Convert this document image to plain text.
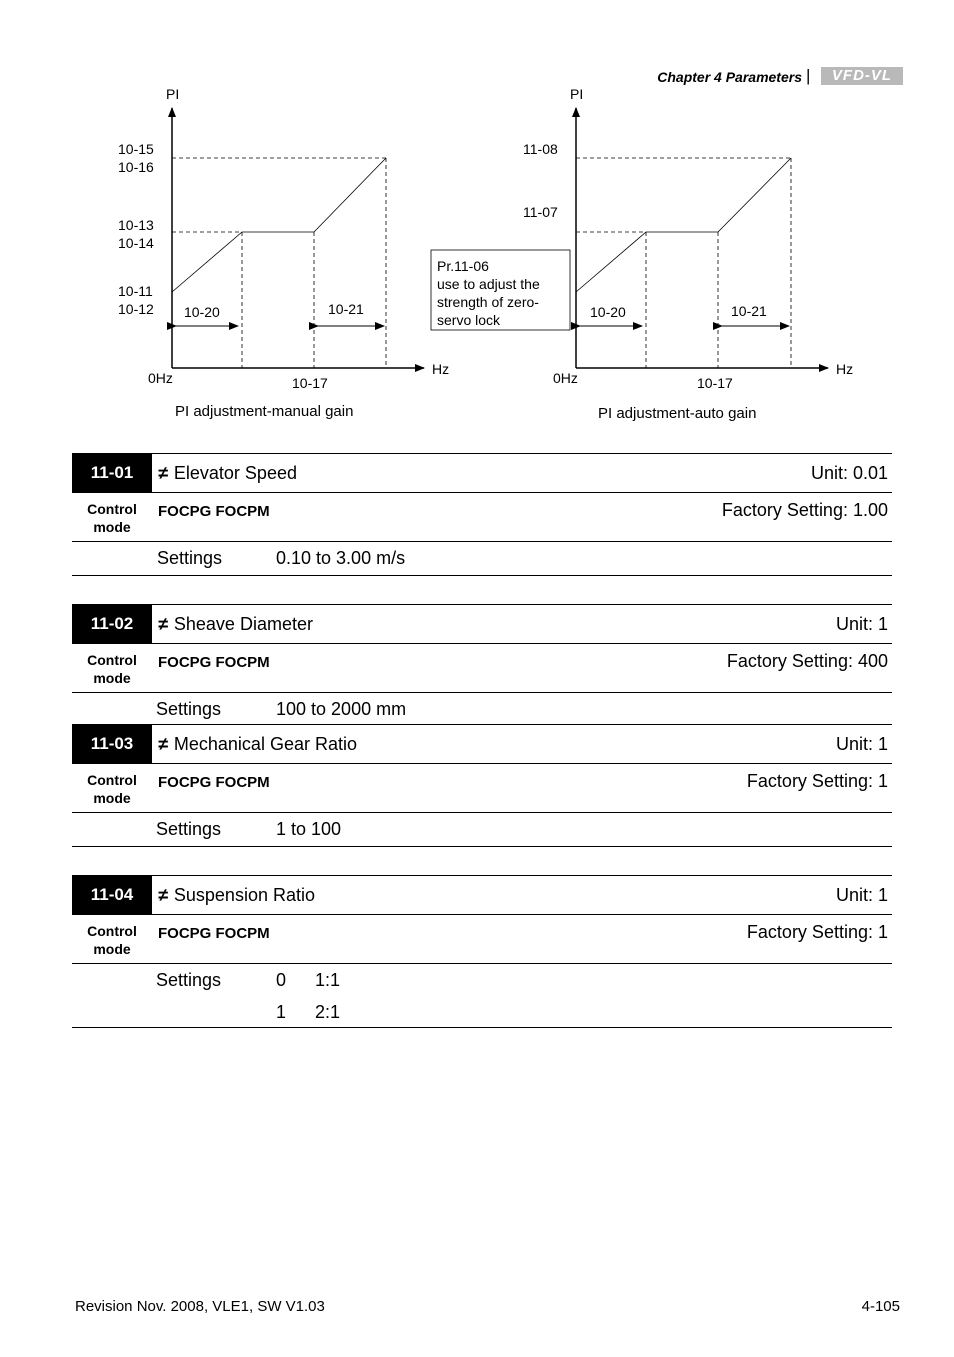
Chapter 4 Parameters |	VFD-VL
PI
Hz
0Hz
10-15
10-16
10-13
10-14
10-11
10-12
10-17
10-20	10-21
PI adjustment-manual gain
Pr.11-06
use to adjust the
strength of zero-
servo lock
PI
Hz
0Hz
11-08
11-07
10-17
10-20	10-21
PI adjustment-auto gain
11-01	≠ Elevator Speed	Unit: 0.01
Control
mode
FOCPG FOCPM	Factory Setting: 1.00
Settings	0.10 to 3.00 m/s
11-02	≠ Sheave Diameter	Unit: 1
Control
mode
FOCPG FOCPM	Factory Setting: 400
Settings	100 to 2000 mm
11-03	≠ Mechanical Gear Ratio	Unit: 1
Control
mode
FOCPG FOCPM	Factory Setting: 1
Settings	1 to 100
11-04	≠ Suspension Ratio	Unit: 1
Control
mode
FOCPG FOCPM	Factory Setting: 1
Settings	0 1:1
1 2:1
Revision Nov. 2008, VLE1, SW V1.03	4-105
